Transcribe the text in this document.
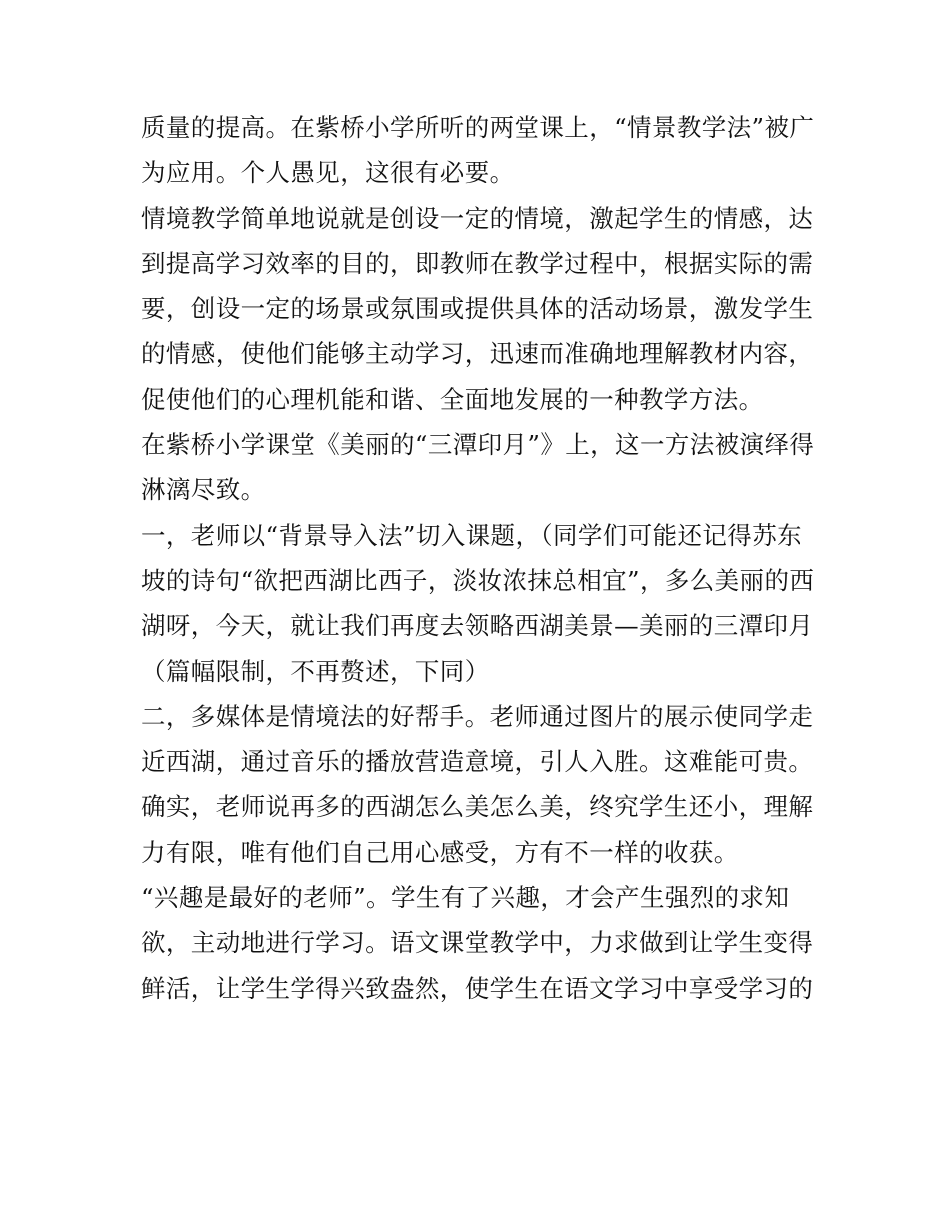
质量的提高。在紫桥小学所听的两堂课上，“情景教学法”被广
为应用。个人愚见，这很有必要。
情境教学简单地说就是创设一定的情境，激起学生的情感，达
到提高学习效率的目的，即教师在教学过程中，根据实际的需
要，创设一定的场景或氛围或提供具体的活动场景，激发学生
的情感，使他们能够主动学习，迅速而准确地理解教材内容，
促使他们的心理机能和谐、全面地发展的一种教学方法。
在紫桥小学课堂《美丽的“三潭印月”》上，这一方法被演绎得
淋漓尽致。
一，老师以“背景导入法”切入课题，（同学们可能还记得苏东
坡的诗句“欲把西湖比西子，淡妆浓抹总相宜”，多么美丽的西
湖呀，今天，就让我们再度去领略西湖美景—美丽的三潭印月
（篇幅限制，不再赘述，下同）
二，多媒体是情境法的好帮手。老师通过图片的展示使同学走
近西湖，通过音乐的播放营造意境，引人入胜。这难能可贵。
确实，老师说再多的西湖怎么美怎么美，终究学生还小，理解
力有限，唯有他们自己用心感受，方有不一样的收获。
“兴趣是最好的老师”。学生有了兴趣，才会产生强烈的求知
欲，主动地进行学习。语文课堂教学中，力求做到让学生变得
鲜活，让学生学得兴致盎然，使学生在语文学习中享受学习的
